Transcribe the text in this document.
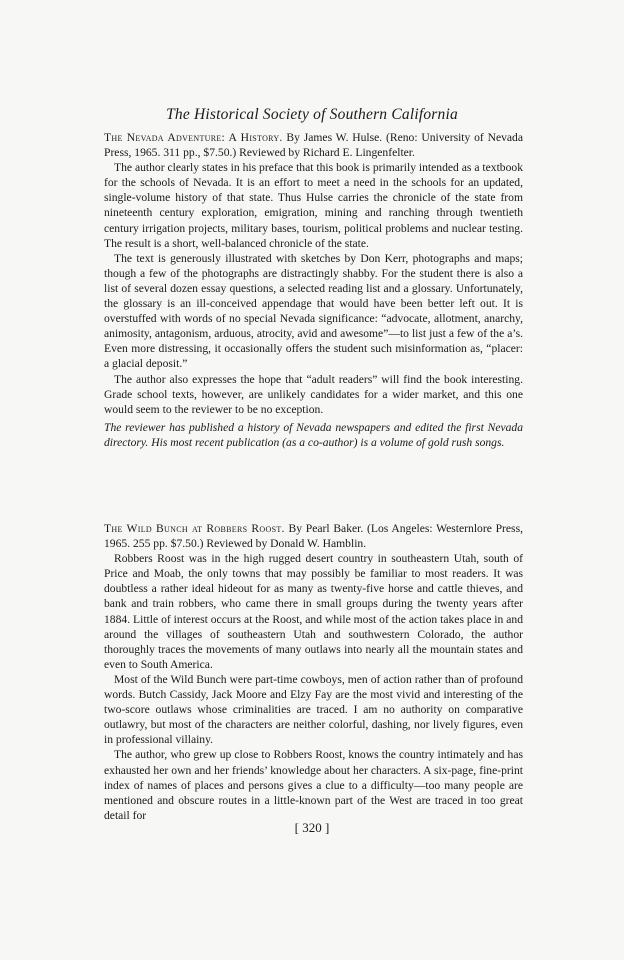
The Historical Society of Southern California

The Nevada Adventure: A History. By James W. Hulse. (Reno: University of Nevada Press, 1965. 311 pp., $7.50.) Reviewed by Richard E. Lingenfelter.

The author clearly states in his preface that this book is primarily intended as a textbook for the schools of Nevada. It is an effort to meet a need in the schools for an updated, single-volume history of that state. Thus Hulse carries the chronicle of the state from nineteenth century exploration, emigration, mining and ranching through twentieth century irrigation projects, military bases, tourism, political problems and nuclear testing. The result is a short, well-balanced chronicle of the state.

The text is generously illustrated with sketches by Don Kerr, photographs and maps; though a few of the photographs are distractingly shabby. For the student there is also a list of several dozen essay questions, a selected reading list and a glossary. Unfortunately, the glossary is an ill-conceived appendage that would have been better left out. It is overstuffed with words of no special Nevada significance: “advocate, allotment, anarchy, animosity, antagonism, arduous, atrocity, avid and awesome”—to list just a few of the a’s. Even more distressing, it occasionally offers the student such misinformation as, “placer: a glacial deposit.”

The author also expresses the hope that “adult readers” will find the book interesting. Grade school texts, however, are unlikely candidates for a wider market, and this one would seem to the reviewer to be no exception.

The reviewer has published a history of Nevada newspapers and edited the first Nevada directory. His most recent publication (as a co-author) is a volume of gold rush songs.

The Wild Bunch at Robbers Roost. By Pearl Baker. (Los Angeles: Westernlore Press, 1965. 255 pp. $7.50.) Reviewed by Donald W. Hamblin.

Robbers Roost was in the high rugged desert country in southeastern Utah, south of Price and Moab, the only towns that may possibly be familiar to most readers. It was doubtless a rather ideal hideout for as many as twenty-five horse and cattle thieves, and bank and train robbers, who came there in small groups during the twenty years after 1884. Little of interest occurs at the Roost, and while most of the action takes place in and around the villages of southeastern Utah and southwestern Colorado, the author thoroughly traces the movements of many outlaws into nearly all the mountain states and even to South America.

Most of the Wild Bunch were part-time cowboys, men of action rather than of profound words. Butch Cassidy, Jack Moore and Elzy Fay are the most vivid and interesting of the two-score outlaws whose criminalities are traced. I am no authority on comparative outlawry, but most of the characters are neither colorful, dashing, nor lively figures, even in professional villainy.

The author, who grew up close to Robbers Roost, knows the country intimately and has exhausted her own and her friends’ knowledge about her characters. A six-page, fine-print index of names of places and persons gives a clue to a difficulty—too many people are mentioned and obscure routes in a little-known part of the West are traced in too great detail for

[ 320 ]
